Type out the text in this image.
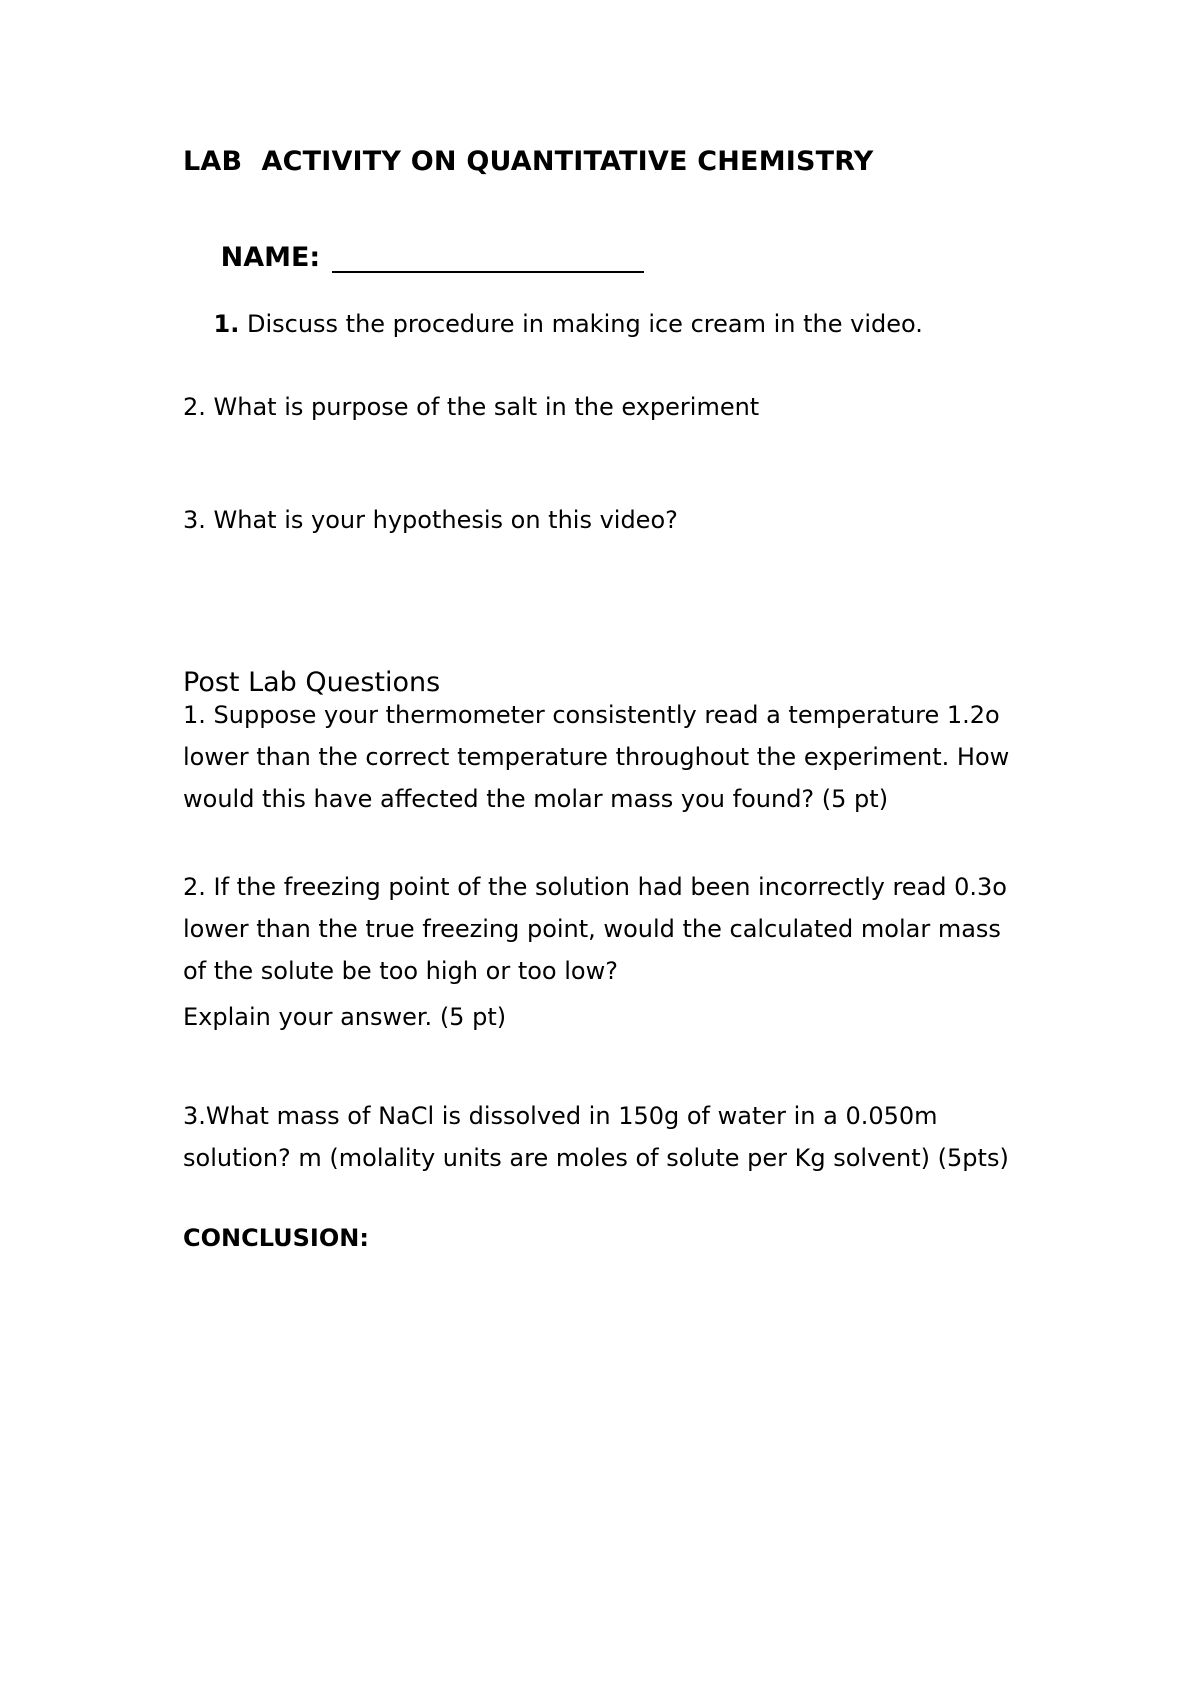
LAB  ACTIVITY ON QUANTITATIVE CHEMISTRY

NAME:

1. Discuss the procedure in making ice cream in the video.

2. What is purpose of the salt in the experiment
3. What is your hypothesis on this video?
Post Lab Questions
1. Suppose your thermometer consistently read a temperature 1.2o
lower than the correct temperature throughout the experiment. How
would this have affected the molar mass you found? (5 pt)
2. If the freezing point of the solution had been incorrectly read 0.3o
lower than the true freezing point, would the calculated molar mass
of the solute be too high or too low?
Explain your answer. (5 pt)
3.What mass of NaCl is dissolved in 150g of water in a 0.050m
solution? m (molality units are moles of solute per Kg solvent) (5pts)
CONCLUSION:
